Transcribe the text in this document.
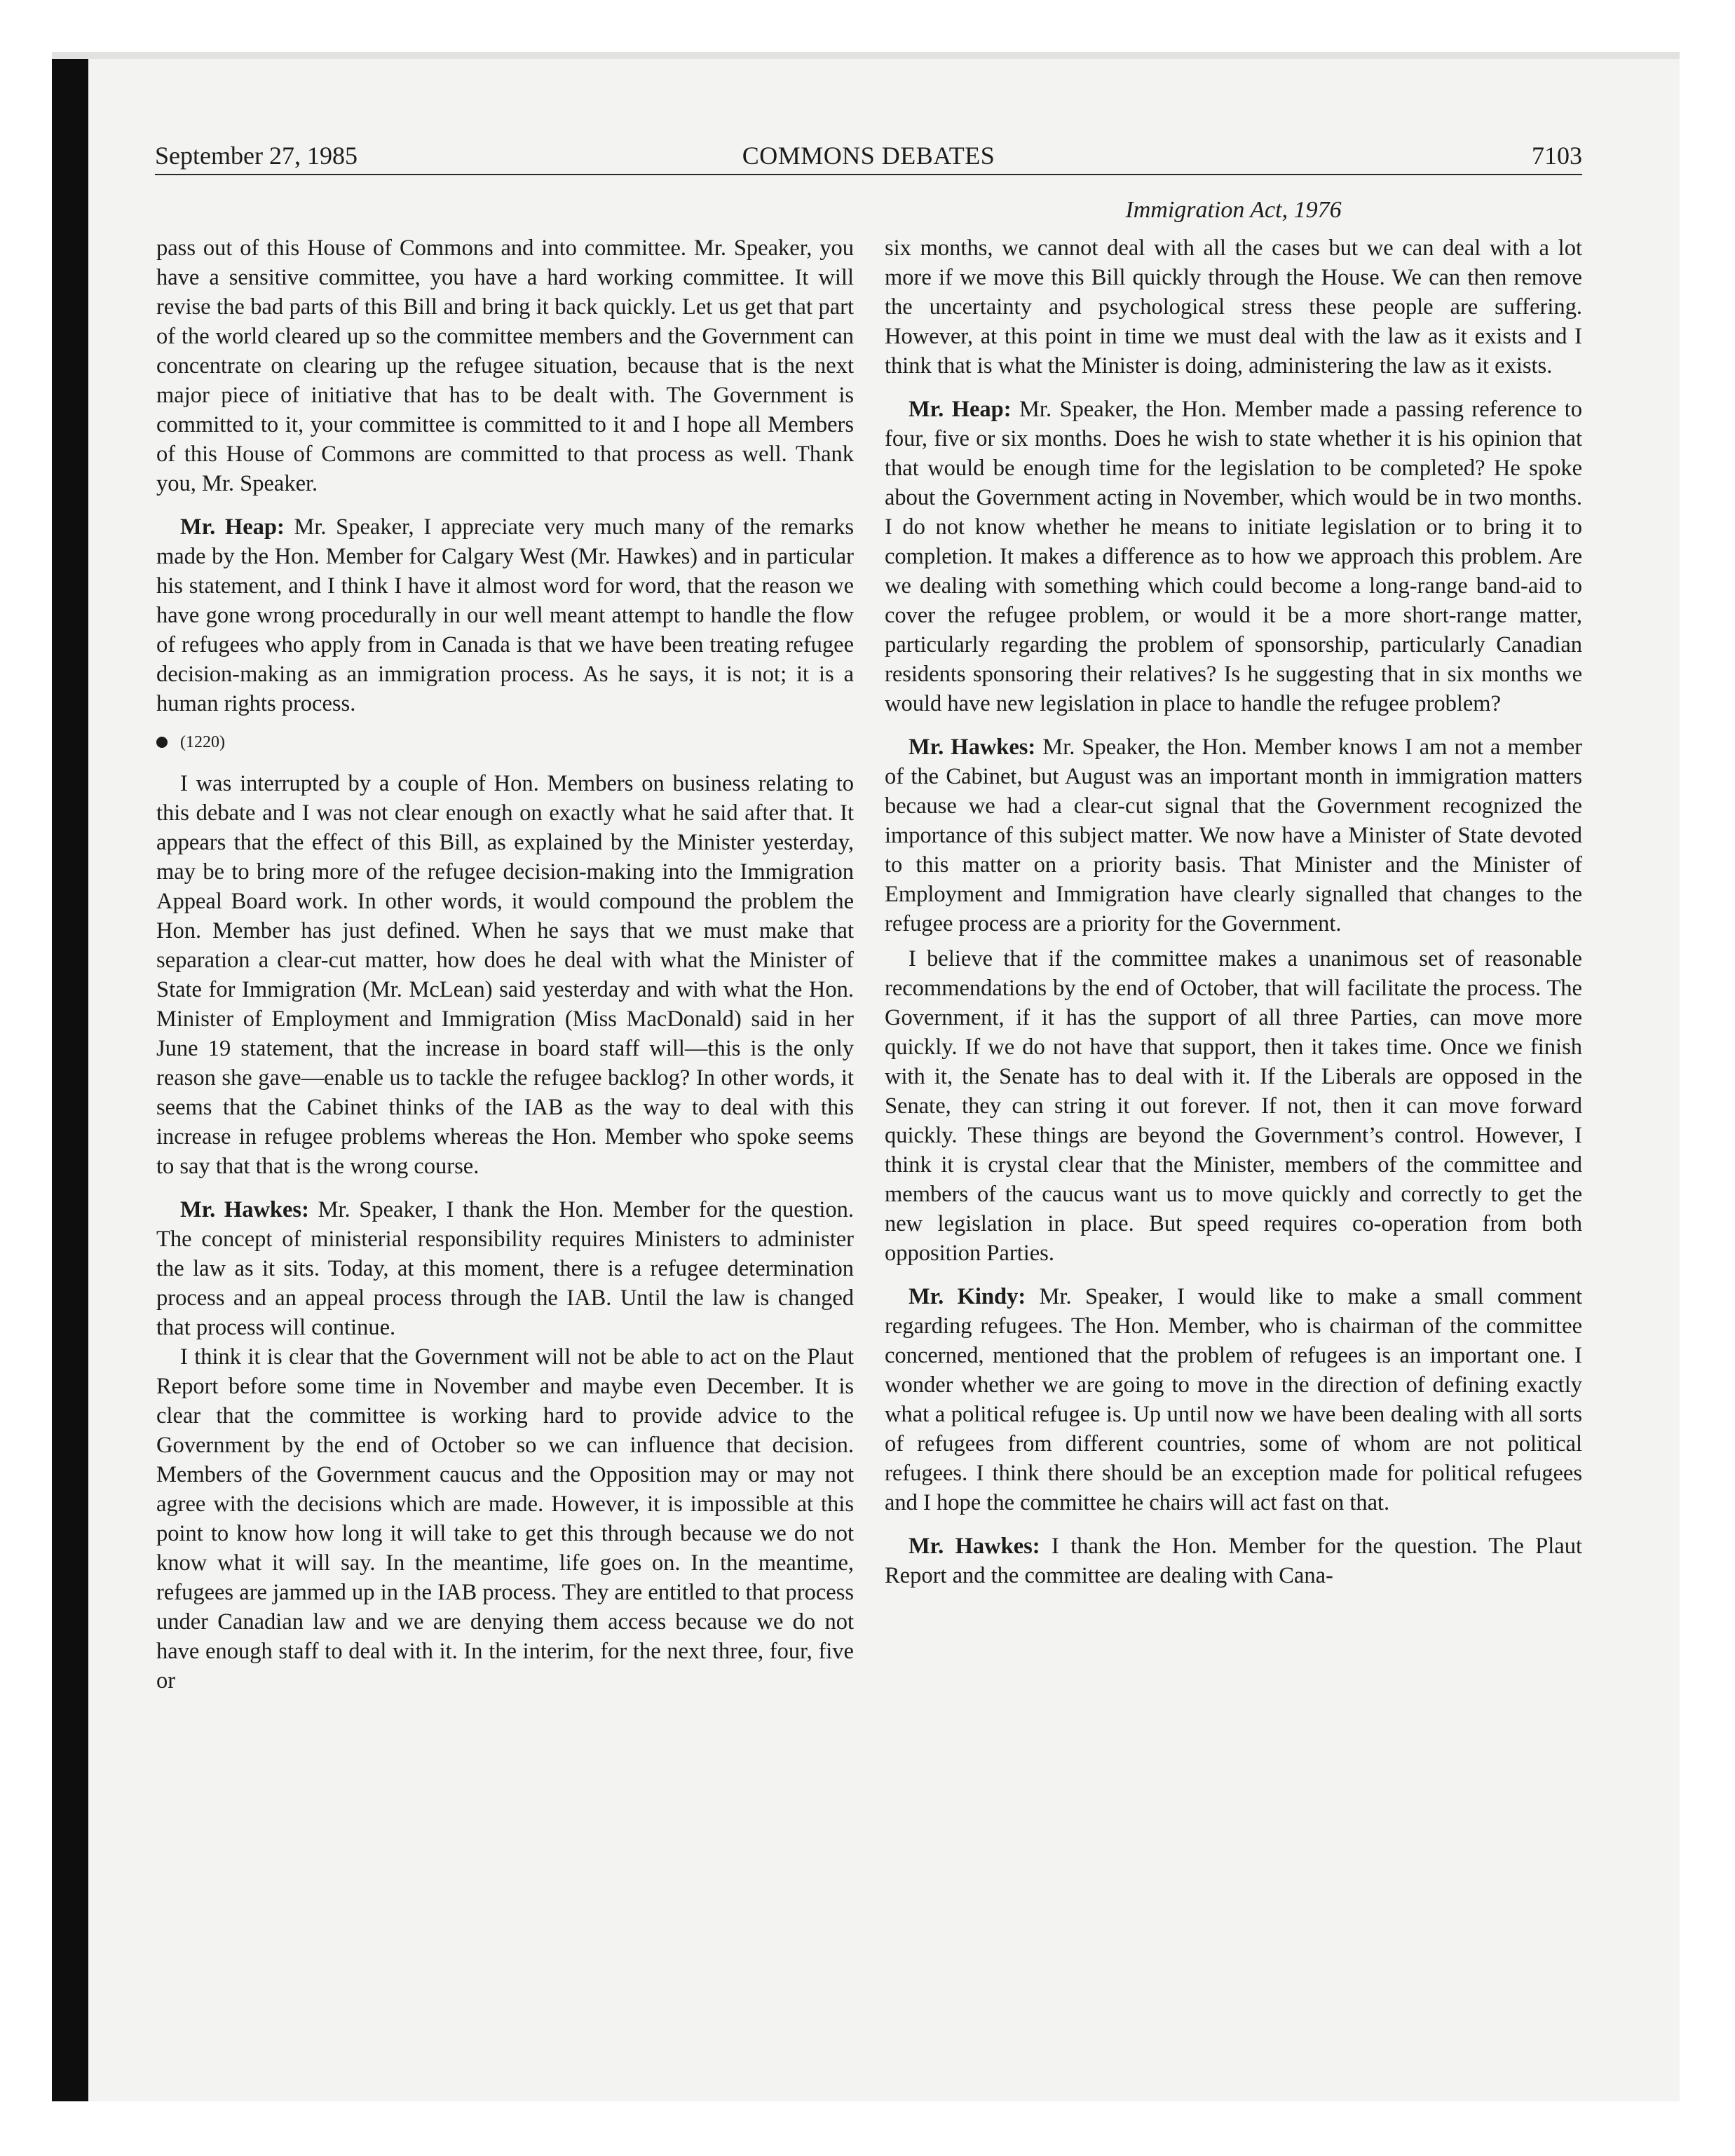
September 27, 1985	COMMONS DEBATES	7103
Immigration Act, 1976

pass out of this House of Commons and into committee. Mr. Speaker, you have a sensitive committee, you have a hard working committee. It will revise the bad parts of this Bill and bring it back quickly. Let us get that part of the world cleared up so the committee members and the Government can concentrate on clearing up the refugee situation, because that is the next major piece of initiative that has to be dealt with. The Government is committed to it, your committee is committed to it and I hope all Members of this House of Commons are committed to that process as well. Thank you, Mr. Speaker.

Mr. Heap: Mr. Speaker, I appreciate very much many of the remarks made by the Hon. Member for Calgary West (Mr. Hawkes) and in particular his statement, and I think I have it almost word for word, that the reason we have gone wrong procedurally in our well meant attempt to handle the flow of refugees who apply from in Canada is that we have been treating refugee decision-making as an immigration process. As he says, it is not; it is a human rights process.

(1220)

I was interrupted by a couple of Hon. Members on business relating to this debate and I was not clear enough on exactly what he said after that. It appears that the effect of this Bill, as explained by the Minister yesterday, may be to bring more of the refugee decision-making into the Immigration Appeal Board work. In other words, it would compound the problem the Hon. Member has just defined. When he says that we must make that separation a clear-cut matter, how does he deal with what the Minister of State for Immigration (Mr. McLean) said yesterday and with what the Hon. Minister of Employment and Immigration (Miss MacDonald) said in her June 19 statement, that the increase in board staff will—this is the only reason she gave—enable us to tackle the refugee backlog? In other words, it seems that the Cabinet thinks of the IAB as the way to deal with this increase in refugee problems whereas the Hon. Member who spoke seems to say that that is the wrong course.

Mr. Hawkes: Mr. Speaker, I thank the Hon. Member for the question. The concept of ministerial responsibility requires Ministers to administer the law as it sits. Today, at this moment, there is a refugee determination process and an appeal process through the IAB. Until the law is changed that process will continue.

I think it is clear that the Government will not be able to act on the Plaut Report before some time in November and maybe even December. It is clear that the committee is working hard to provide advice to the Government by the end of October so we can influence that decision. Members of the Government caucus and the Opposition may or may not agree with the decisions which are made. However, it is impossible at this point to know how long it will take to get this through because we do not know what it will say. In the meantime, life goes on. In the meantime, refugees are jammed up in the IAB process. They are entitled to that process under Canadian law and we are denying them access because we do not have enough staff to deal with it. In the interim, for the next three, four, five or

six months, we cannot deal with all the cases but we can deal with a lot more if we move this Bill quickly through the House. We can then remove the uncertainty and psychological stress these people are suffering. However, at this point in time we must deal with the law as it exists and I think that is what the Minister is doing, administering the law as it exists.

Mr. Heap: Mr. Speaker, the Hon. Member made a passing reference to four, five or six months. Does he wish to state whether it is his opinion that that would be enough time for the legislation to be completed? He spoke about the Government acting in November, which would be in two months. I do not know whether he means to initiate legislation or to bring it to completion. It makes a difference as to how we approach this problem. Are we dealing with something which could become a long-range band-aid to cover the refugee problem, or would it be a more short-range matter, particularly regarding the problem of sponsorship, particularly Canadian residents sponsoring their relatives? Is he suggesting that in six months we would have new legislation in place to handle the refugee problem?

Mr. Hawkes: Mr. Speaker, the Hon. Member knows I am not a member of the Cabinet, but August was an important month in immigration matters because we had a clear-cut signal that the Government recognized the importance of this subject matter. We now have a Minister of State devoted to this matter on a priority basis. That Minister and the Minister of Employment and Immigration have clearly signalled that changes to the refugee process are a priority for the Government.

I believe that if the committee makes a unanimous set of reasonable recommendations by the end of October, that will facilitate the process. The Government, if it has the support of all three Parties, can move more quickly. If we do not have that support, then it takes time. Once we finish with it, the Senate has to deal with it. If the Liberals are opposed in the Senate, they can string it out forever. If not, then it can move forward quickly. These things are beyond the Government’s control. However, I think it is crystal clear that the Minister, members of the committee and members of the caucus want us to move quickly and correctly to get the new legislation in place. But speed requires co-operation from both opposition Parties.

Mr. Kindy: Mr. Speaker, I would like to make a small comment regarding refugees. The Hon. Member, who is chairman of the committee concerned, mentioned that the problem of refugees is an important one. I wonder whether we are going to move in the direction of defining exactly what a political refugee is. Up until now we have been dealing with all sorts of refugees from different countries, some of whom are not political refugees. I think there should be an exception made for political refugees and I hope the committee he chairs will act fast on that.

Mr. Hawkes: I thank the Hon. Member for the question. The Plaut Report and the committee are dealing with Cana-
